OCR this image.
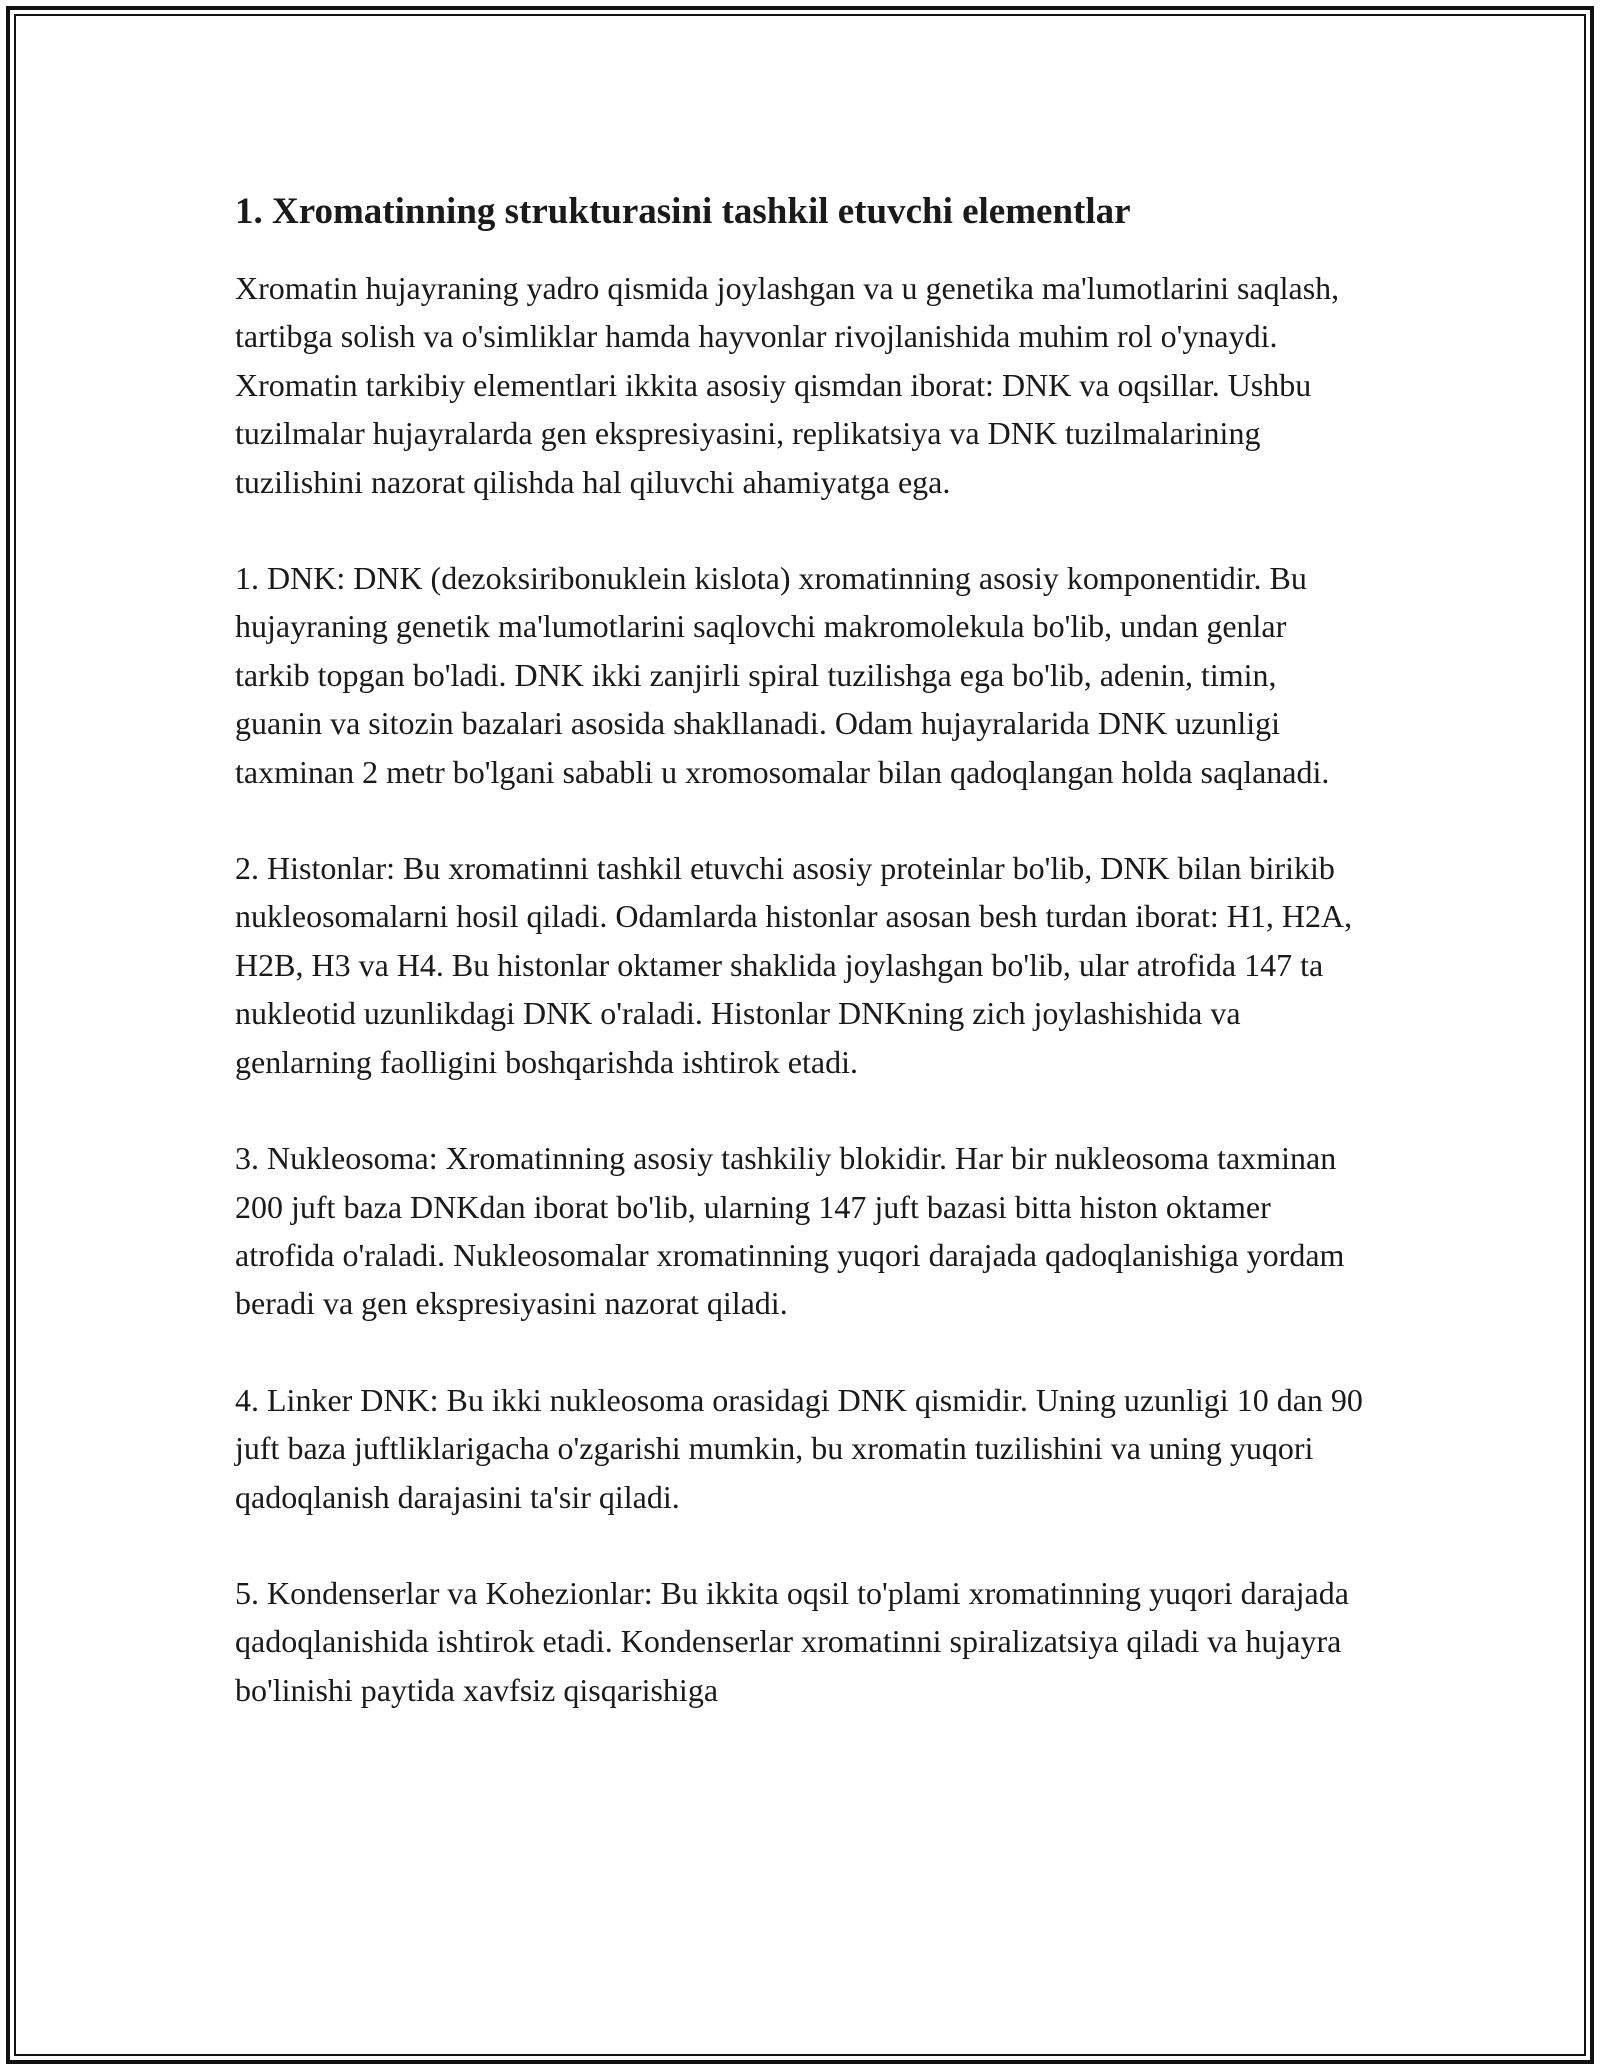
1. Xromatinning strukturasini tashkil etuvchi elementlar

Xromatin hujayraning yadro qismida joylashgan va u genetika ma'lumotlarini saqlash, tartibga solish va o'simliklar hamda hayvonlar rivojlanishida muhim rol o'ynaydi. Xromatin tarkibiy elementlari ikkita asosiy qismdan iborat: DNK va oqsillar. Ushbu tuzilmalar hujayralarda gen ekspresiyasini, replikatsiya va DNK tuzilmalarining tuzilishini nazorat qilishda hal qiluvchi ahamiyatga ega.

1. DNK: DNK (dezoksiribonuklein kislota) xromatinning asosiy komponentidir. Bu hujayraning genetik ma'lumotlarini saqlovchi makromolekula bo'lib, undan genlar tarkib topgan bo'ladi. DNK ikki zanjirli spiral tuzilishga ega bo'lib, adenin, timin, guanin va sitozin bazalari asosida shakllanadi. Odam hujayralarida DNK uzunligi taxminan 2 metr bo'lgani sababli u xromosomalar bilan qadoqlangan holda saqlanadi.

2. Histonlar: Bu xromatinni tashkil etuvchi asosiy proteinlar bo'lib, DNK bilan birikib nukleosomalarni hosil qiladi. Odamlarda histonlar asosan besh turdan iborat: H1, H2A, H2B, H3 va H4. Bu histonlar oktamer shaklida joylashgan bo'lib, ular atrofida 147 ta nukleotid uzunlikdagi DNK o'raladi. Histonlar DNKning zich joylashishida va genlarning faolligini boshqarishda ishtirok etadi.

3. Nukleosoma: Xromatinning asosiy tashkiliy blokidir. Har bir nukleosoma taxminan 200 juft baza DNKdan iborat bo'lib, ularning 147 juft bazasi bitta histon oktamer atrofida o'raladi. Nukleosomalar xromatinning yuqori darajada qadoqlanishiga yordam beradi va gen ekspresiyasini nazorat qiladi.

4. Linker DNK: Bu ikki nukleosoma orasidagi DNK qismidir. Uning uzunligi 10 dan 90 juft baza juftliklarigacha o'zgarishi mumkin, bu xromatin tuzilishini va uning yuqori qadoqlanish darajasini ta'sir qiladi.

5. Kondenserlar va Kohezionlar: Bu ikkita oqsil to'plami xromatinning yuqori darajada qadoqlanishida ishtirok etadi. Kondenserlar xromatinni spiralizatsiya qiladi va hujayra bo'linishi paytida xavfsiz qisqarishiga
